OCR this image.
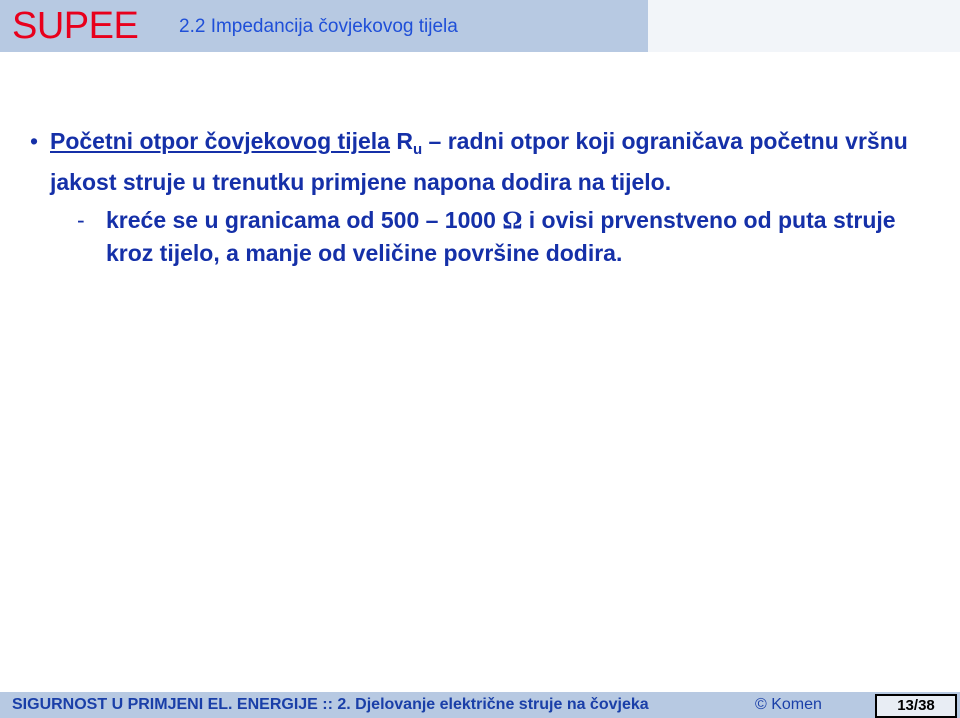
SUPEE 2.2 Impedancija čovjekovog tijela
• Početni otpor čovjekovog tijela $R_u$ – radni otpor koji ograničava početnu vršnu jakost struje u trenutku primjene napona dodira na tijelo.
- kreće se u granicama od 500 – 1000 Ω i ovisi prvenstveno od puta struje kroz tijelo, a manje od veličine površine dodira.
SIGURNOST U PRIMJENI EL. ENERGIJE :: 2. Djelovanje električne struje na čovjeka	© Komen	13/38
